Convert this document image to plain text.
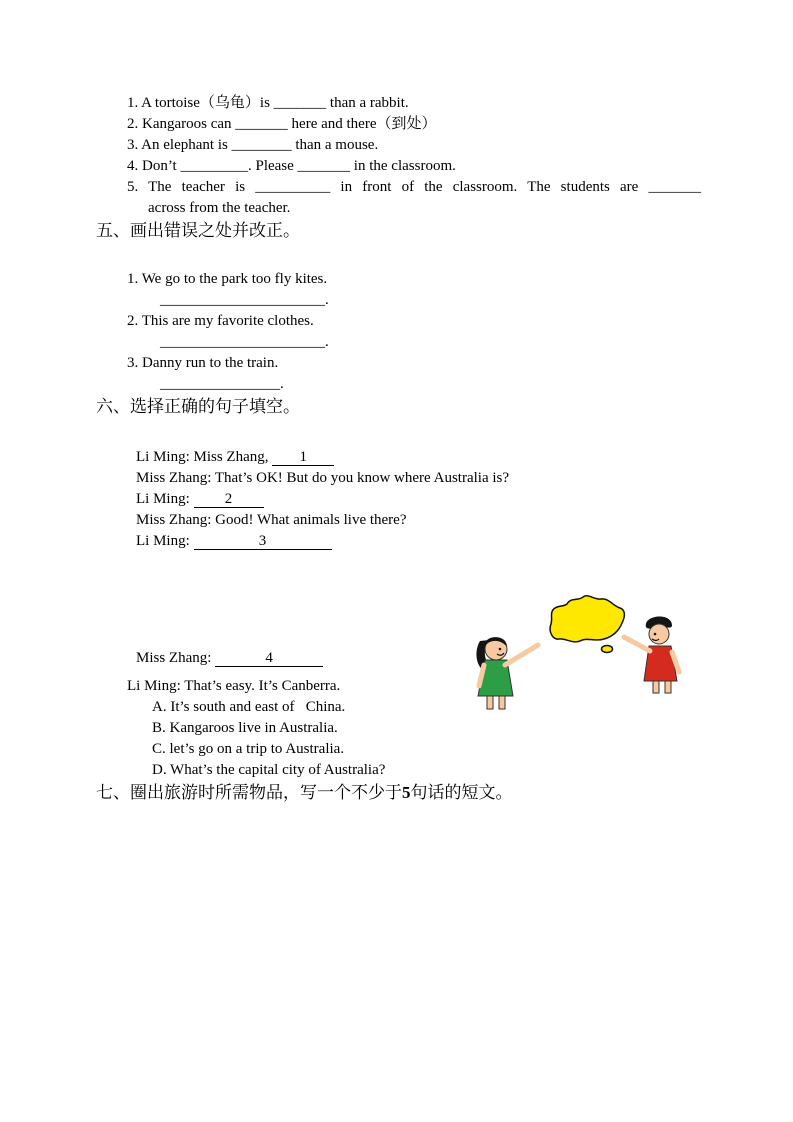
1. A tortoise（乌龟）is _______ than a rabbit.
2. Kangaroos can _______ here and there（到处）
3. An elephant is ________ than a mouse.
4. Don’t _________. Please _______ in the classroom.
5. The teacher is __________ in front of the classroom. The students are _______
across from the teacher.
五、画出错误之处并改正。
1. We go to the park too fly kites.
______________________.
2. This are my favorite clothes.
______________________.
3. Danny run to the train.
________________.
六、选择正确的句子填空。
Li Ming: Miss Zhang, 1
Miss Zhang: That’s OK! But do you know where Australia is?
Li Ming: 2
Miss Zhang: Good! What animals live there?
Li Ming:	3
Miss Zhang:	4
Li Ming: That’s easy. It’s Canberra.
A. It’s south and east of   China.
B. Kangaroos live in Australia.
C. let’s go on a trip to Australia.
D. What’s the capital city of Australia?
七、圈出旅游时所需物品，写一个不少于5句话的短文。
